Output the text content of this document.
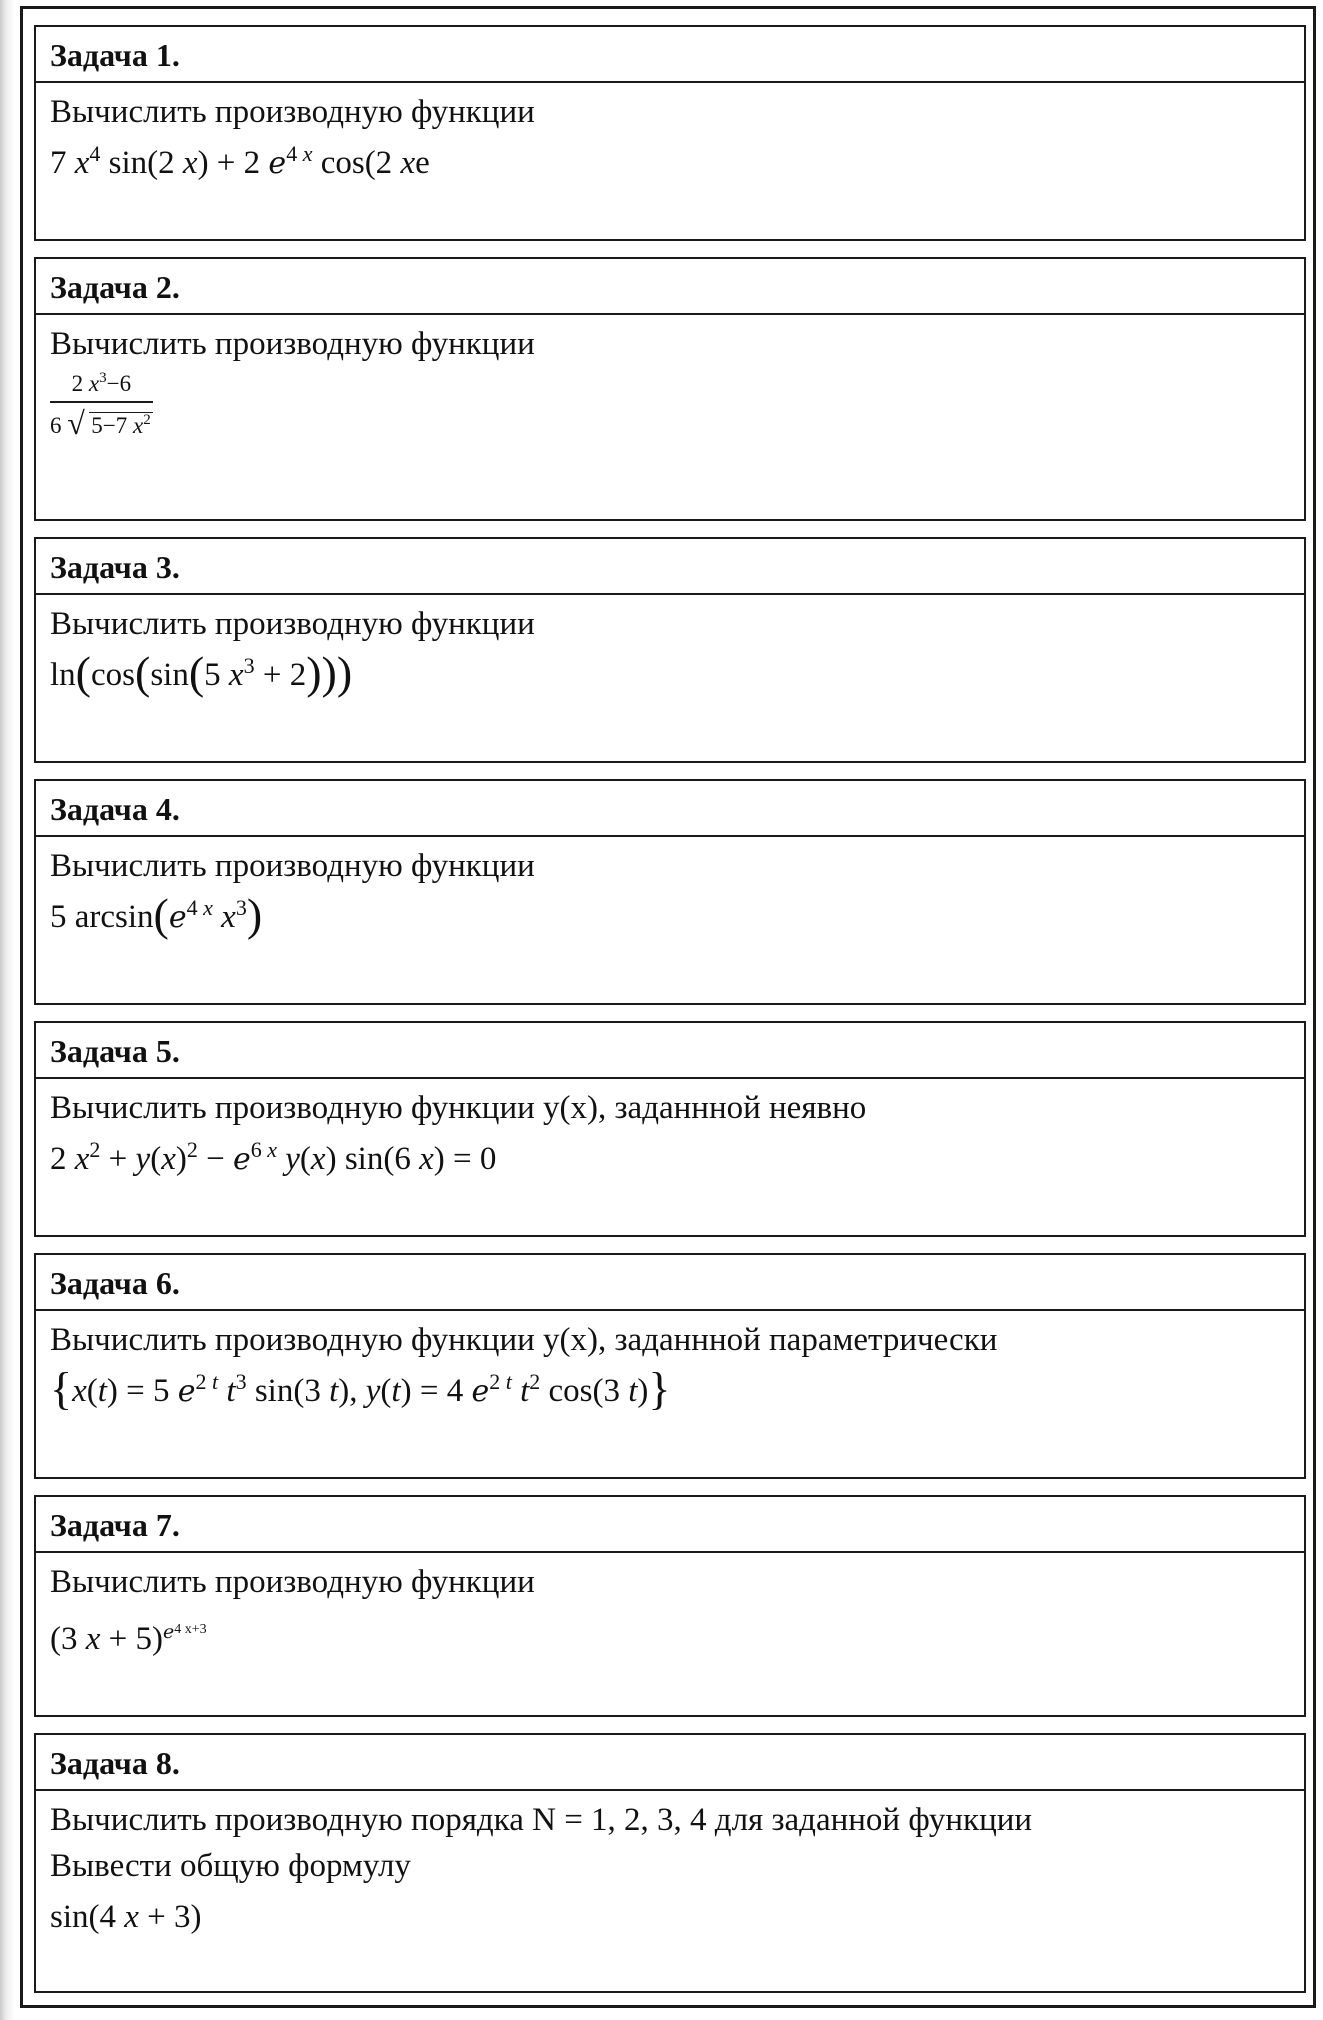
Задача 1.
Вычислить производную функции
7 $x^4$ sin(2 x) + 2 $e^{4 x}$ cos(2 xe
Задача 2.
Вычислить производную функции
$\frac{2 x^3-6}{6 √ 5-7 x^2}$
Задача 3.
Вычислить производную функции
ln(cos(sin(5 $x^3 + 2$)))
Задача 4.
Вычислить производную функции
5 $\arcsin(e^{4 x}$ $x^3$)
Задача 5.
Вычислить производную функции y(x), заданнной неявно
2 $x^2 + y(x)^2 - e^{6 x}$ y(x) sin(6 x) = 0
Задача 6.
Вычислить производную функции y(x), заданнной параметрически
{x(t) = 5 $e^{2 t}$ $t^3$ sin(3 t), y(t) = 4 $e^{2 t}$ $t^2$ cos(3 t)}
Задача 7.
Вычислить производную функции
(3 x + 5)$^{e^{4 x+3}}$
Задача 8.
Вычислить производную порядка N = 1, 2, 3, 4 для заданной функции
Вывести общую формулу
sin(4 x + 3)
